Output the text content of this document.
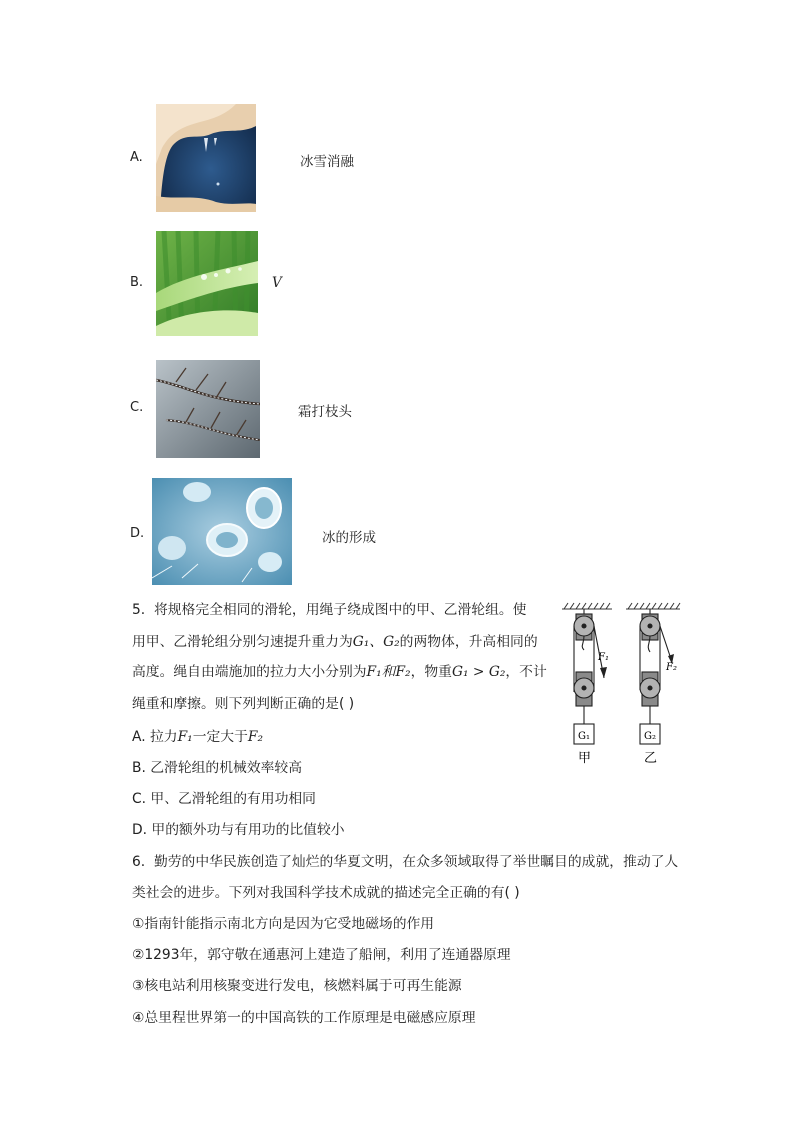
A.	冰雪消融
B.	V
C.	霜打枝头
D.	冰的形成
5. 将规格完全相同的滑轮，用绳子绕成图中的甲、乙滑轮组。使
用甲、乙滑轮组分别匀速提升重力为G₁、G₂的两物体，升高相同的
高度。绳自由端施加的拉力大小分别为F₁和F₂，物重G₁ > G₂，不计
绳重和摩擦。则下列判断正确的是( )
A. 拉力F₁一定大于F₂
B. 乙滑轮组的机械效率较高
C. 甲、乙滑轮组的有用功相同
D. 甲的额外功与有用功的比值较小
F₁
G₁
甲
F₂
G₂
乙
6. 勤劳的中华民族创造了灿烂的华夏文明，在众多领域取得了举世瞩目的成就，推动了人
类社会的进步。下列对我国科学技术成就的描述完全正确的有( )
①指南针能指示南北方向是因为它受地磁场的作用
②1293年，郭守敬在通惠河上建造了船闸，利用了连通器原理
③核电站利用核聚变进行发电，核燃料属于可再生能源
④总里程世界第一的中国高铁的工作原理是电磁感应原理
